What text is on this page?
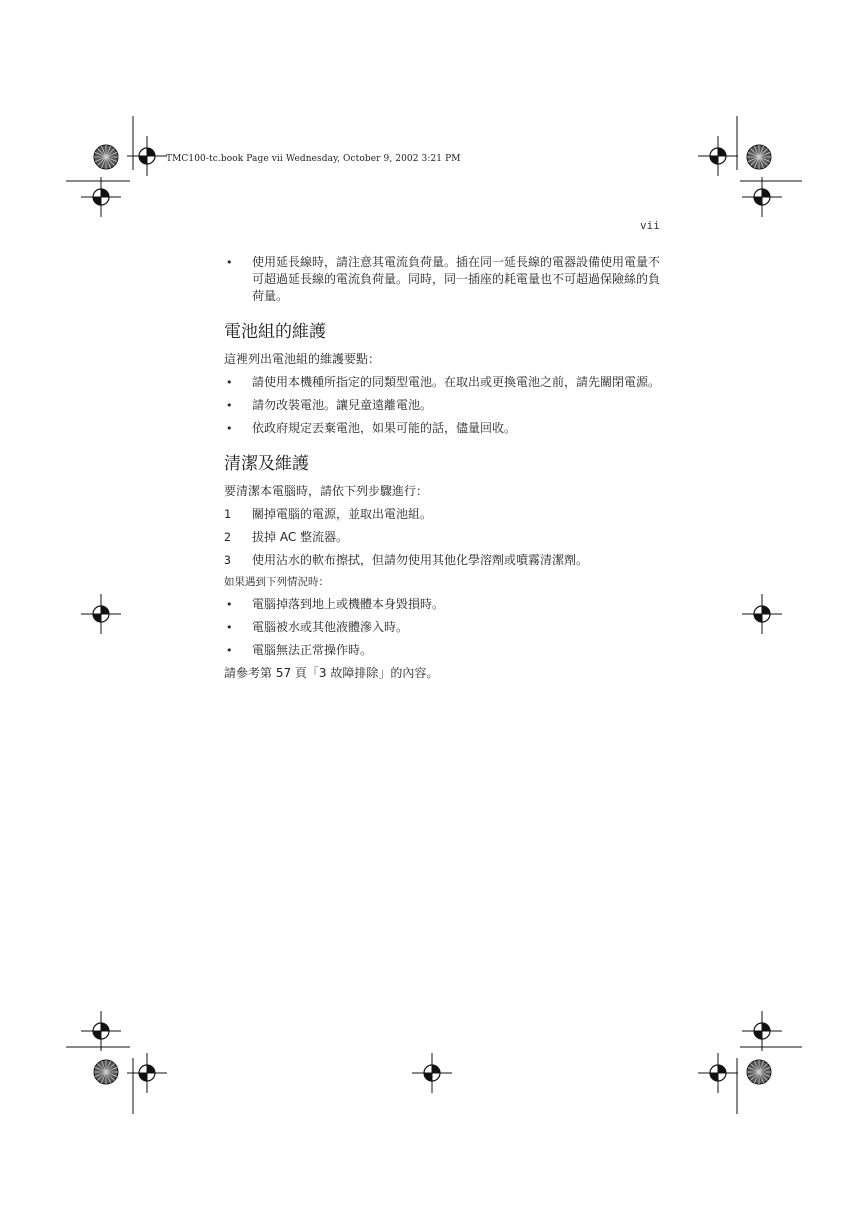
TMC100-tc.book Page vii Wednesday, October 9, 2002 3:21 PM
vii
• 使用延長線時，請注意其電流負荷量。插在同一延長線的電器設備使用電量不可超過延長線的電流負荷量。同時，同一插座的耗電量也不可超過保險絲的負荷量。
電池組的維護
這裡列出電池組的維護要點：
• 請使用本機種所指定的同類型電池。在取出或更換電池之前，請先關閉電源。
• 請勿改裝電池。讓兒童遠離電池。
• 依政府規定丟棄電池，如果可能的話，儘量回收。
清潔及維護
要清潔本電腦時，請依下列步驟進行：
1 關掉電腦的電源，並取出電池組。
2 拔掉 AC 整流器。
3 使用沾水的軟布擦拭，但請勿使用其他化學溶劑或噴霧清潔劑。
如果遇到下列情況時：
• 電腦掉落到地上或機體本身毀損時。
• 電腦被水或其他液體滲入時。
• 電腦無法正常操作時。
請參考第 57 頁「3 故障排除」的內容。
